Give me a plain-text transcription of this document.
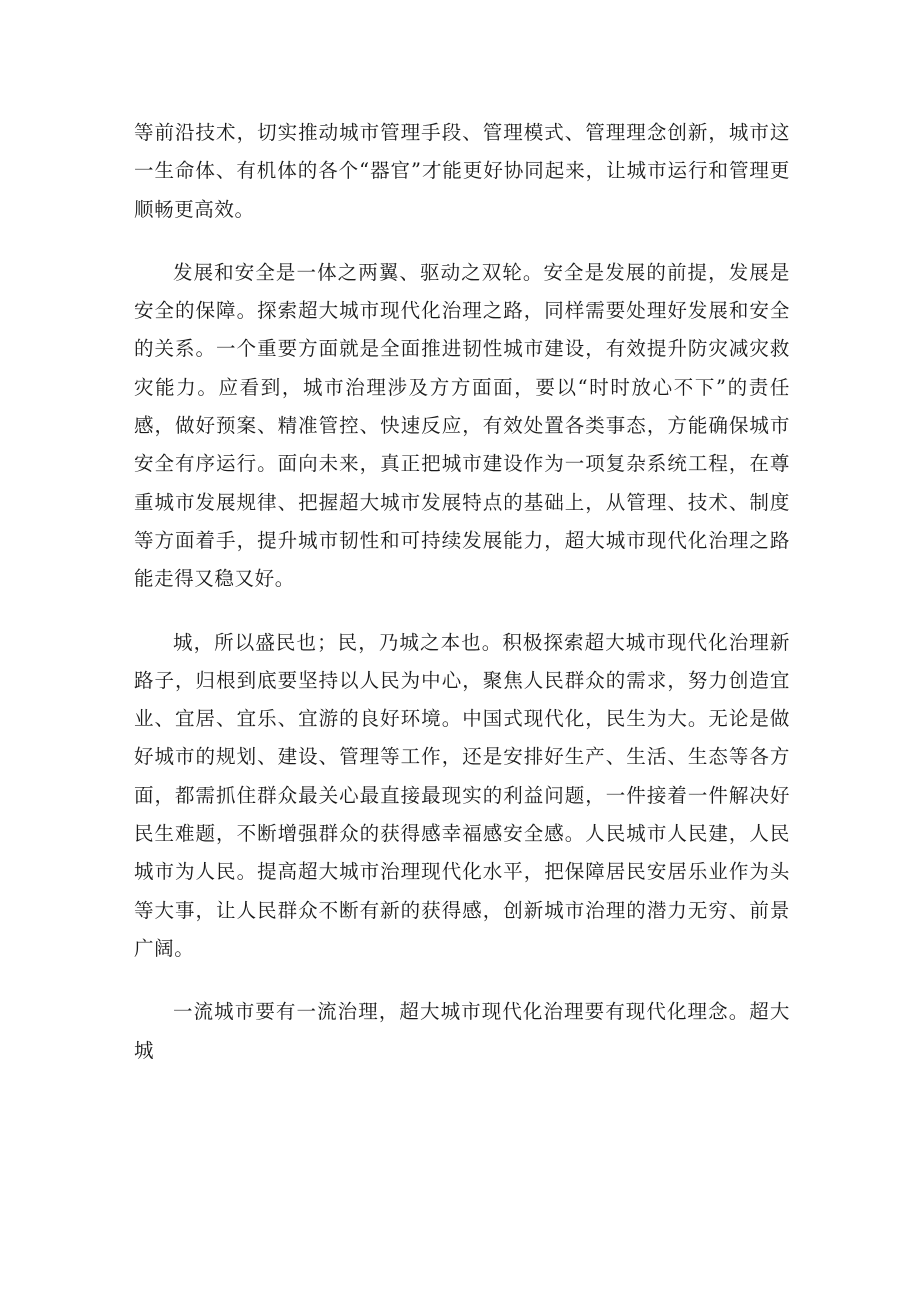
等前沿技术，切实推动城市管理手段、管理模式、管理理念创新，城市这一生命体、有机体的各个“器官”才能更好协同起来，让城市运行和管理更顺畅更高效。

发展和安全是一体之两翼、驱动之双轮。安全是发展的前提，发展是安全的保障。探索超大城市现代化治理之路，同样需要处理好发展和安全的关系。一个重要方面就是全面推进韧性城市建设，有效提升防灾减灾救灾能力。应看到，城市治理涉及方方面面，要以“时时放心不下”的责任感，做好预案、精准管控、快速反应，有效处置各类事态，方能确保城市安全有序运行。面向未来，真正把城市建设作为一项复杂系统工程，在尊重城市发展规律、把握超大城市发展特点的基础上，从管理、技术、制度等方面着手，提升城市韧性和可持续发展能力，超大城市现代化治理之路能走得又稳又好。

城，所以盛民也；民，乃城之本也。积极探索超大城市现代化治理新路子，归根到底要坚持以人民为中心，聚焦人民群众的需求，努力创造宜业、宜居、宜乐、宜游的良好环境。中国式现代化，民生为大。无论是做好城市的规划、建设、管理等工作，还是安排好生产、生活、生态等各方面，都需抓住群众最关心最直接最现实的利益问题，一件接着一件解决好民生难题，不断增强群众的获得感幸福感安全感。人民城市人民建，人民城市为人民。提高超大城市治理现代化水平，把保障居民安居乐业作为头等大事，让人民群众不断有新的获得感，创新城市治理的潜力无穷、前景广阔。

一流城市要有一流治理，超大城市现代化治理要有现代化理念。超大城
